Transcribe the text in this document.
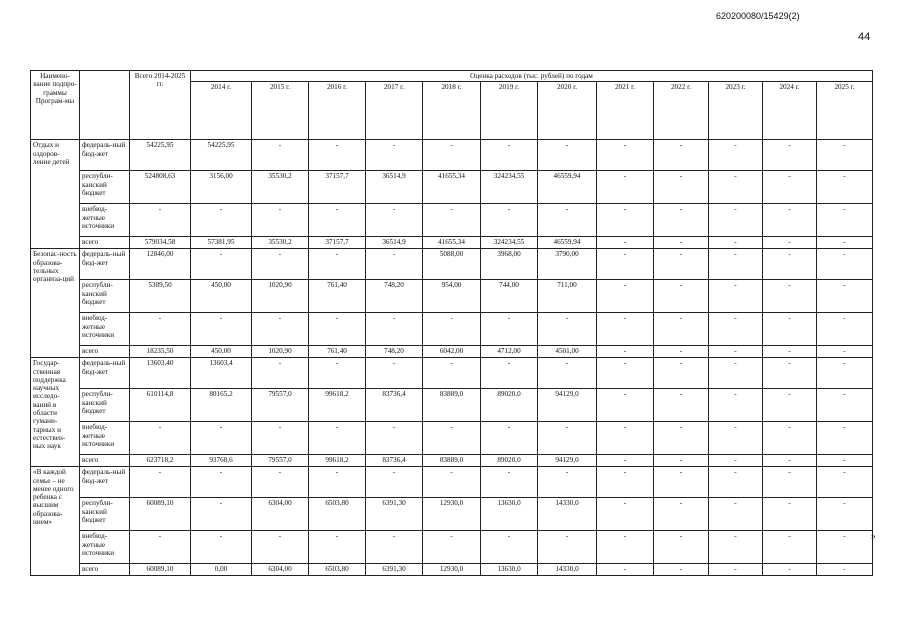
620200080/15429(2)
44
Наимено-вание подпро-граммы Програм-мы		Всего 2014-2025 гг.	Оценка расходов (тыс. рублей) по годам											
			2014 г.	2015 г.	2016 г.	2017 г.	2018 г.	2019 г.	2020 г.	2021 г.	2022 г.	2023 г.	2024 г.	2025 г.
Отдых и оздоров-ление детей	федераль-ный бюд-жет	54225,95	54225,95	-	-	-	-	-	-	-	-	-	-	-
	республи-канский бюджет	524808,63	3156,00	35530,2	37157,7	36514,9	41655,34	324234,55	46559,94	-	-	-	-	-
	внебюд-жетные источники	-	-	-	-	-	-	-	-	-	-	-	-	-
	всего	579034,58	57381,95	35530,2	37157,7	36514,9	41655,34	324234,55	46559,94	-	-	-	-	-
Безопас-ность образова-тельных организа-ций	федераль-ный бюд-жет	12846,00	-	-	-	-	5088,00	3968,00	3790,00	-	-	-	-	-
	республи-канский бюджет	5389,50	450,00	1020,90	761,40	748,20	954,00	744,00	711,00	-	-	-	-	-
	внебюд-жетные источники	-	-	-	-	-	-	-	-	-	-	-	-	-
	всего	18235,50	450,00	1020,90	761,40	748,20	6042,00	4712,00	4501,00	-	-	-	-	-
Государ-ственная поддержка научных исследо-ваний в области гумани-тарных и естествен-ных наук	федераль-ный бюд-жет	13603,40	13603,4	-	-	-	-	-	-	-	-	-	-	-
	республи-канский бюджет	610114,8	80165,2	79557,0	99618,2	83736,4	83889,0	89020,0	94129,0	-	-	-	-	-
	внебюд-жетные источники	-	-	-	-	-	-	-	-	-	-	-	-	-
	всего	623718,2	93768,6	79557,0	99618,2	83736,4	83889,0	89020,0	94129,0	-	-	-	-	-
«В каждой семье – не менее одного ребенка с высшим образова-нием»	федераль-ный бюд-жет	-	-	-	-	-	-	-	-	-	-	-	-	-
	республи-канский бюджет	60089,10	-	6304,00	6503,80	6391,30	12930,0	13630,0	14330,0	-	-	-	-	-
	внебюд-жетные источники	-	-	-	-	-	-	-	-	-	-	-	-	-
	всего	60089,10	0,00	6304,00	6503,80	6391,30	12930,0	13630,0	14330,0	-	-	-	-	-
»
